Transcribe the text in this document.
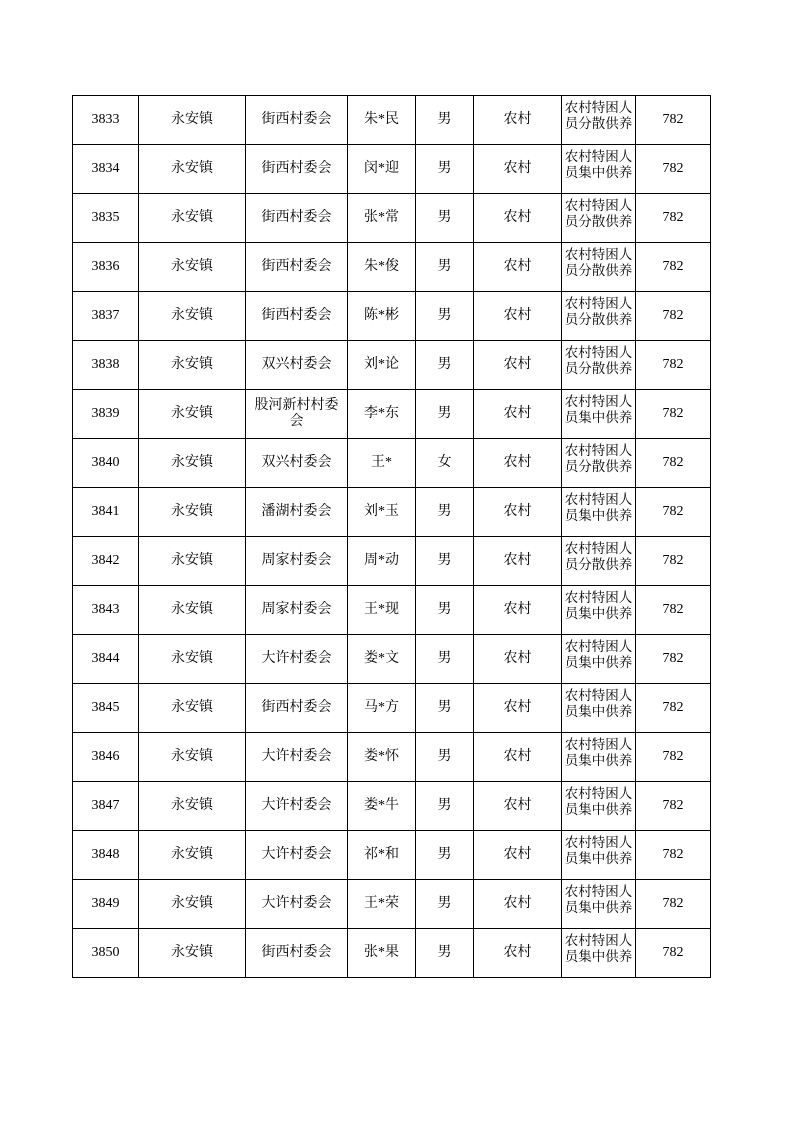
3833	永安镇	街西村委会	朱*民	男	农村	农村特困人员分散供养	782
3834	永安镇	街西村委会	闵*迎	男	农村	农村特困人员集中供养	782
3835	永安镇	街西村委会	张*常	男	农村	农村特困人员分散供养	782
3836	永安镇	街西村委会	朱*俊	男	农村	农村特困人员分散供养	782
3837	永安镇	街西村委会	陈*彬	男	农村	农村特困人员分散供养	782
3838	永安镇	双兴村委会	刘*论	男	农村	农村特困人员分散供养	782
3839	永安镇	股河新村村委会	李*东	男	农村	农村特困人员集中供养	782
3840	永安镇	双兴村委会	王*	女	农村	农村特困人员分散供养	782
3841	永安镇	潘湖村委会	刘*玉	男	农村	农村特困人员集中供养	782
3842	永安镇	周家村委会	周*动	男	农村	农村特困人员分散供养	782
3843	永安镇	周家村委会	王*现	男	农村	农村特困人员集中供养	782
3844	永安镇	大许村委会	娄*文	男	农村	农村特困人员集中供养	782
3845	永安镇	街西村委会	马*方	男	农村	农村特困人员集中供养	782
3846	永安镇	大许村委会	娄*怀	男	农村	农村特困人员集中供养	782
3847	永安镇	大许村委会	娄*牛	男	农村	农村特困人员集中供养	782
3848	永安镇	大许村委会	祁*和	男	农村	农村特困人员集中供养	782
3849	永安镇	大许村委会	王*荣	男	农村	农村特困人员集中供养	782
3850	永安镇	街西村委会	张*果	男	农村	农村特困人员集中供养	782
